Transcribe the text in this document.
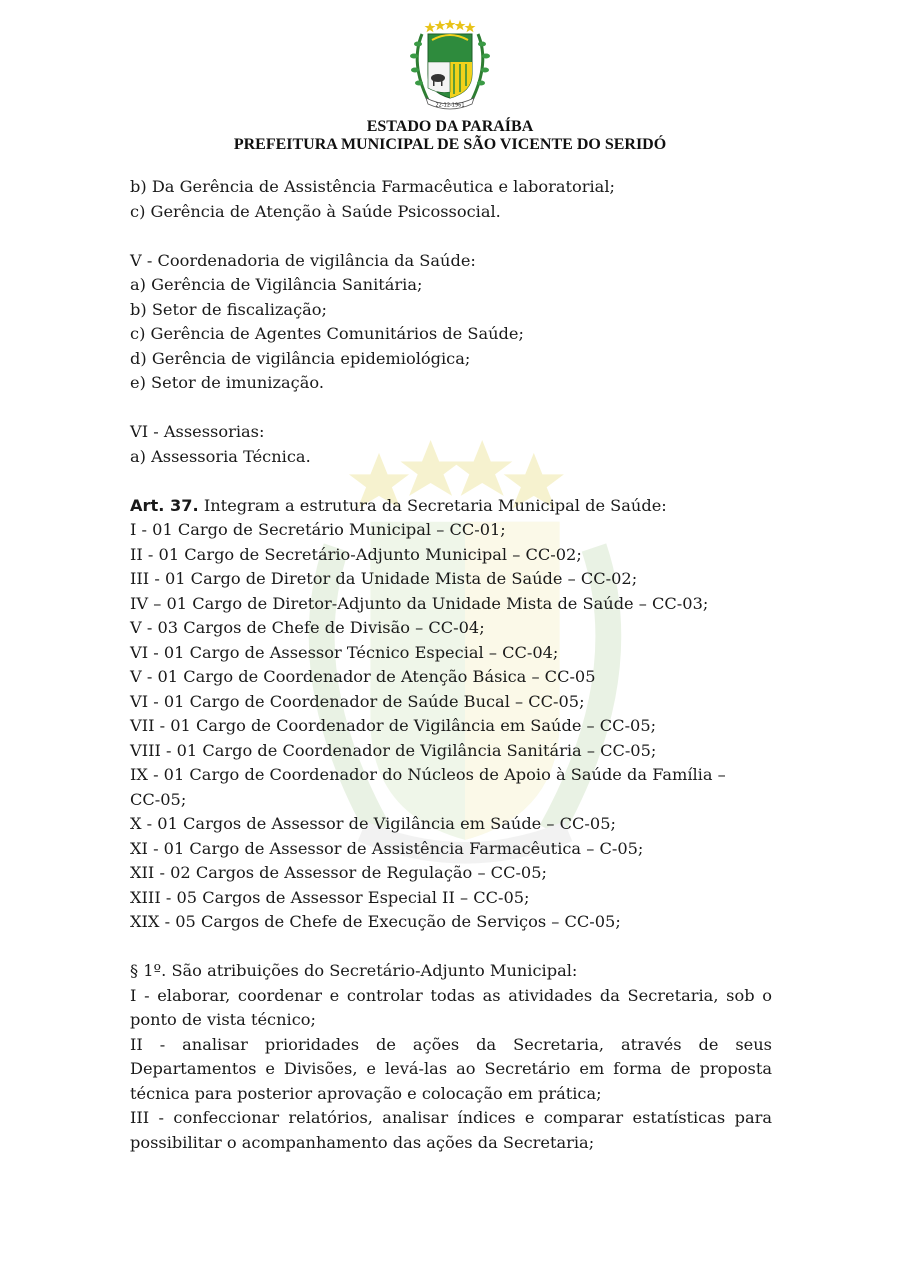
22-12-1961
ESTADO DA PARAÍBA
PREFEITURA MUNICIPAL DE SÃO VICENTE DO SERIDÓ
b) Da Gerência de Assistência Farmacêutica e laboratorial;
c) Gerência de Atenção à Saúde Psicossocial.
V - Coordenadoria de vigilância da Saúde:
a) Gerência de Vigilância Sanitária;
b) Setor de fiscalização;
c) Gerência de Agentes Comunitários de Saúde;
d) Gerência de vigilância epidemiológica;
e) Setor de imunização.
VI - Assessorias:
a) Assessoria Técnica.
Art. 37. Integram a estrutura da Secretaria Municipal de Saúde:
I - 01 Cargo de Secretário Municipal – CC-01;
II - 01 Cargo de Secretário-Adjunto Municipal – CC-02;
III - 01 Cargo de Diretor da Unidade Mista de Saúde – CC-02;
IV – 01 Cargo de Diretor-Adjunto da Unidade Mista de Saúde – CC-03;
V - 03 Cargos de Chefe de Divisão – CC-04;
VI - 01 Cargo de Assessor Técnico Especial – CC-04;
V - 01 Cargo de Coordenador de Atenção Básica – CC-05
VI - 01 Cargo de Coordenador de Saúde Bucal – CC-05;
VII - 01 Cargo de Coordenador de Vigilância em Saúde – CC-05;
VIII - 01 Cargo de Coordenador de Vigilância Sanitária – CC-05;
IX - 01 Cargo de Coordenador do Núcleos de Apoio à Saúde da Família –
CC-05;
X - 01 Cargos de Assessor de Vigilância em Saúde – CC-05;
XI - 01 Cargo de Assessor de Assistência Farmacêutica – C-05;
XII - 02 Cargos de Assessor de Regulação – CC-05;
XIII - 05 Cargos de Assessor Especial II – CC-05;
XIX - 05 Cargos de Chefe de Execução de Serviços – CC-05;
§ 1º. São atribuições do Secretário-Adjunto Municipal:
I - elaborar, coordenar e controlar todas as atividades da Secretaria, sob o ponto de vista técnico;
II - analisar prioridades de ações da Secretaria, através de seus Departamentos e Divisões, e levá-las ao Secretário em forma de proposta técnica para posterior aprovação e colocação em prática;
III - confeccionar relatórios, analisar índices e comparar estatísticas para possibilitar o acompanhamento das ações da Secretaria;
